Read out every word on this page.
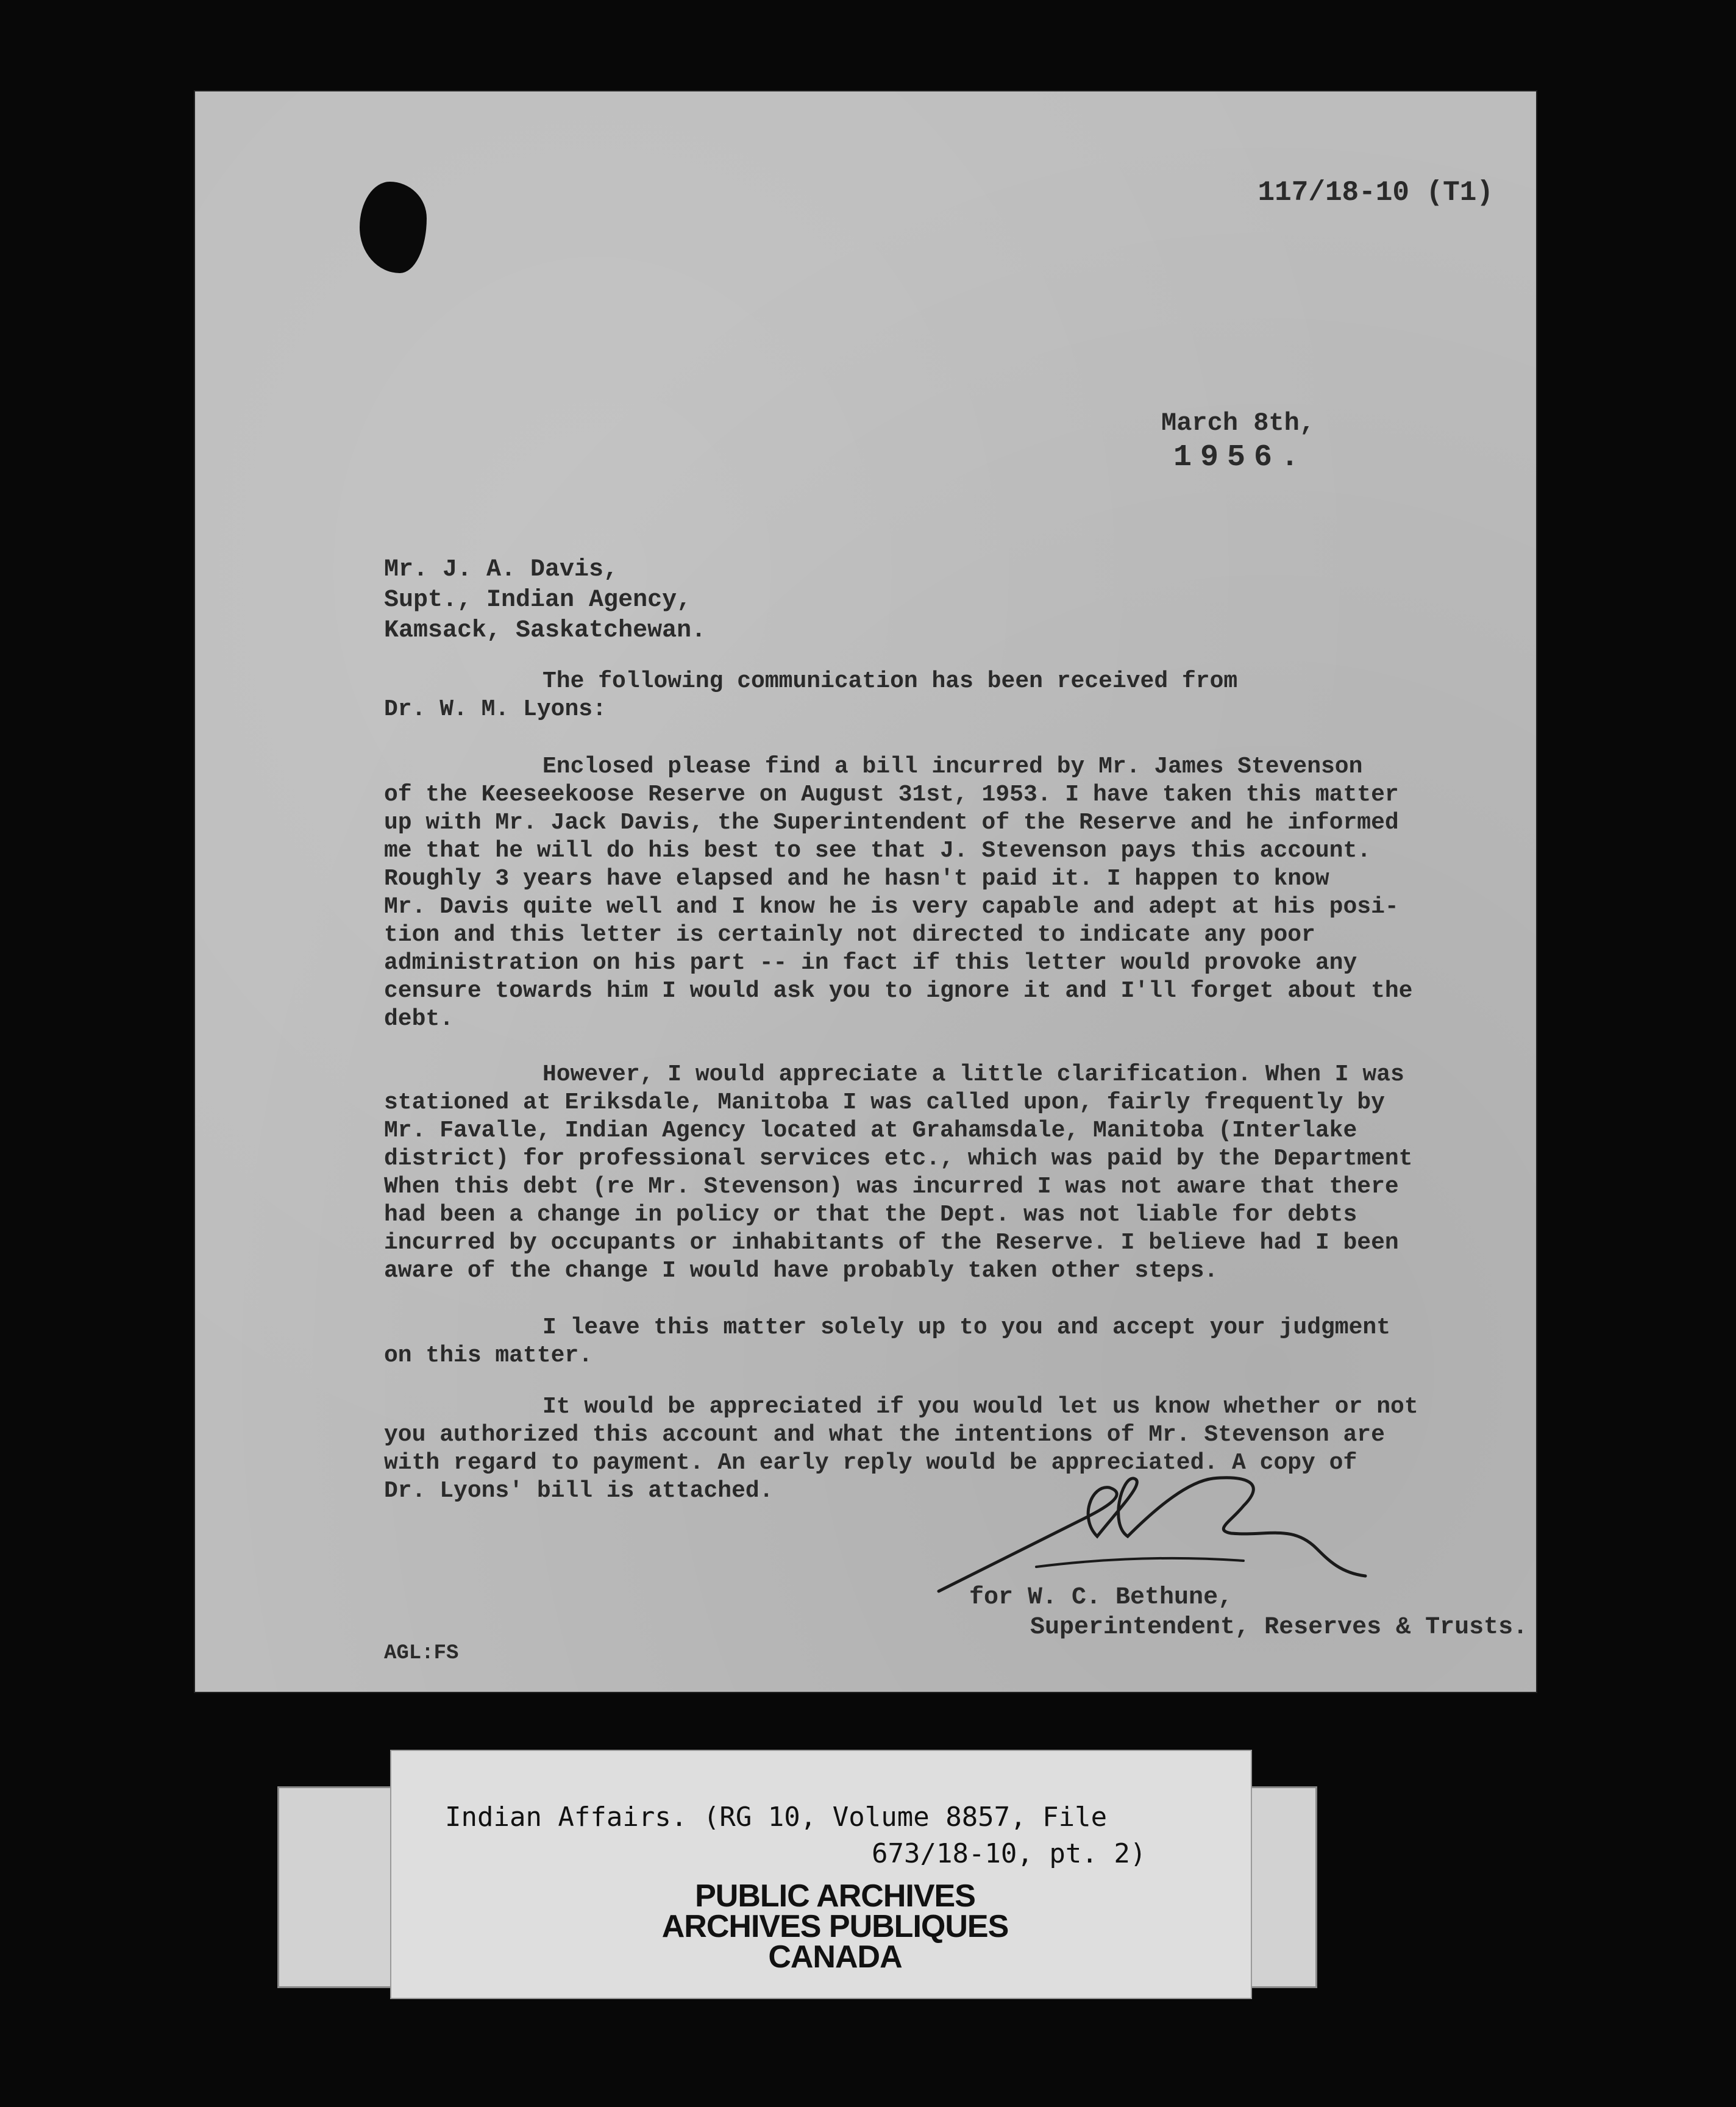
117/18-10 (T1)

March 8th,

1956.

Mr. J. A. Davis,
Supt., Indian Agency,
Kamsack, Saskatchewan.
The following communication has been received from
Dr. W. M. Lyons:
Enclosed please find a bill incurred by Mr. James Stevenson
of the Keeseekoose Reserve on August 31st, 1953. I have taken this matter
up with Mr. Jack Davis, the Superintendent of the Reserve and he informed
me that he will do his best to see that J. Stevenson pays this account.
Roughly 3 years have elapsed and he hasn't paid it. I happen to know
Mr. Davis quite well and I know he is very capable and adept at his posi-
tion and this letter is certainly not directed to indicate any poor
administration on his part -- in fact if this letter would provoke any
censure towards him I would ask you to ignore it and I'll forget about the
debt.
However, I would appreciate a little clarification. When I was
stationed at Eriksdale, Manitoba I was called upon, fairly frequently by
Mr. Favalle, Indian Agency located at Grahamsdale, Manitoba (Interlake
district) for professional services etc., which was paid by the Department
When this debt (re Mr. Stevenson) was incurred I was not aware that there
had been a change in policy or that the Dept. was not liable for debts
incurred by occupants or inhabitants of the Reserve. I believe had I been
aware of the change I would have probably taken other steps.
I leave this matter solely up to you and accept your judgment
on this matter.
It would be appreciated if you would let us know whether or not
you authorized this account and what the intentions of Mr. Stevenson are
with regard to payment. An early reply would be appreciated. A copy of
Dr. Lyons' bill is attached.

for W. C. Bethune,

Superintendent, Reserves & Trusts.

AGL:FS

Indian Affairs. (RG 10, Volume 8857, File
673/18-10, pt. 2)
PUBLIC ARCHIVES
ARCHIVES PUBLIQUES
CANADA
